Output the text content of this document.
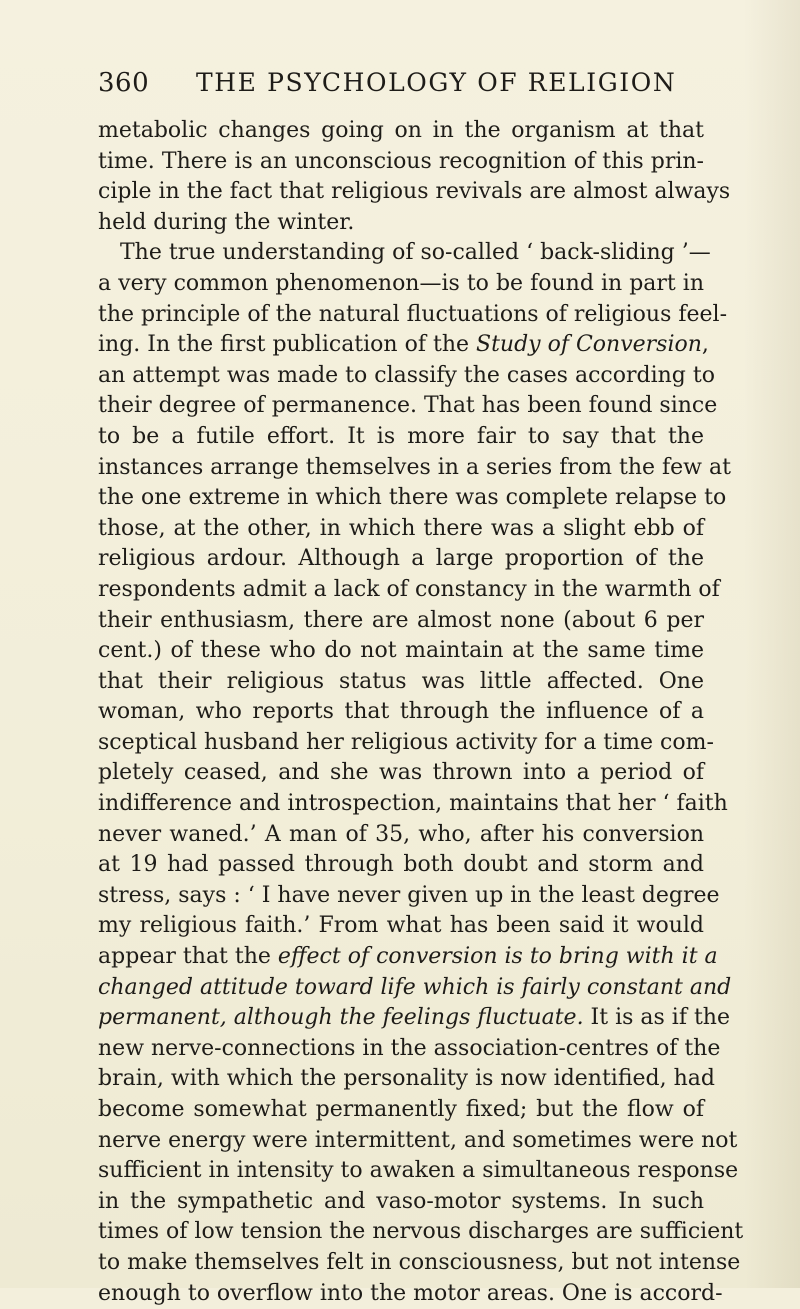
360 THE PSYCHOLOGY OF RELIGION
metabolic changes going on in the organism at that
time. There is an unconscious recognition of this prin-
ciple in the fact that religious revivals are almost always
held during the winter.
The true understanding of so-called ‘ back-sliding ’—
a very common phenomenon—is to be found in part in
the principle of the natural fluctuations of religious feel-
ing. In the first publication of the Study of Conversion,
an attempt was made to classify the cases according to
their degree of permanence. That has been found since
to be a futile effort. It is more fair to say that the
instances arrange themselves in a series from the few at
the one extreme in which there was complete relapse to
those, at the other, in which there was a slight ebb of
religious ardour. Although a large proportion of the
respondents admit a lack of constancy in the warmth of
their enthusiasm, there are almost none (about 6 per
cent.) of these who do not maintain at the same time
that their religious status was little affected. One
woman, who reports that through the influence of a
sceptical husband her religious activity for a time com-
pletely ceased, and she was thrown into a period of
indifference and introspection, maintains that her ‘ faith
never waned.’ A man of 35, who, after his conversion
at 19 had passed through both doubt and storm and
stress, says : ‘ I have never given up in the least degree
my religious faith.’ From what has been said it would
appear that the effect of conversion is to bring with it a
changed attitude toward life which is fairly constant and
permanent, although the feelings fluctuate. It is as if the
new nerve-connections in the association-centres of the
brain, with which the personality is now identified, had
become somewhat permanently fixed; but the flow of
nerve energy were intermittent, and sometimes were not
sufficient in intensity to awaken a simultaneous response
in the sympathetic and vaso-motor systems. In such
times of low tension the nervous discharges are sufficient
to make themselves felt in consciousness, but not intense
enough to overflow into the motor areas. One is accord-
